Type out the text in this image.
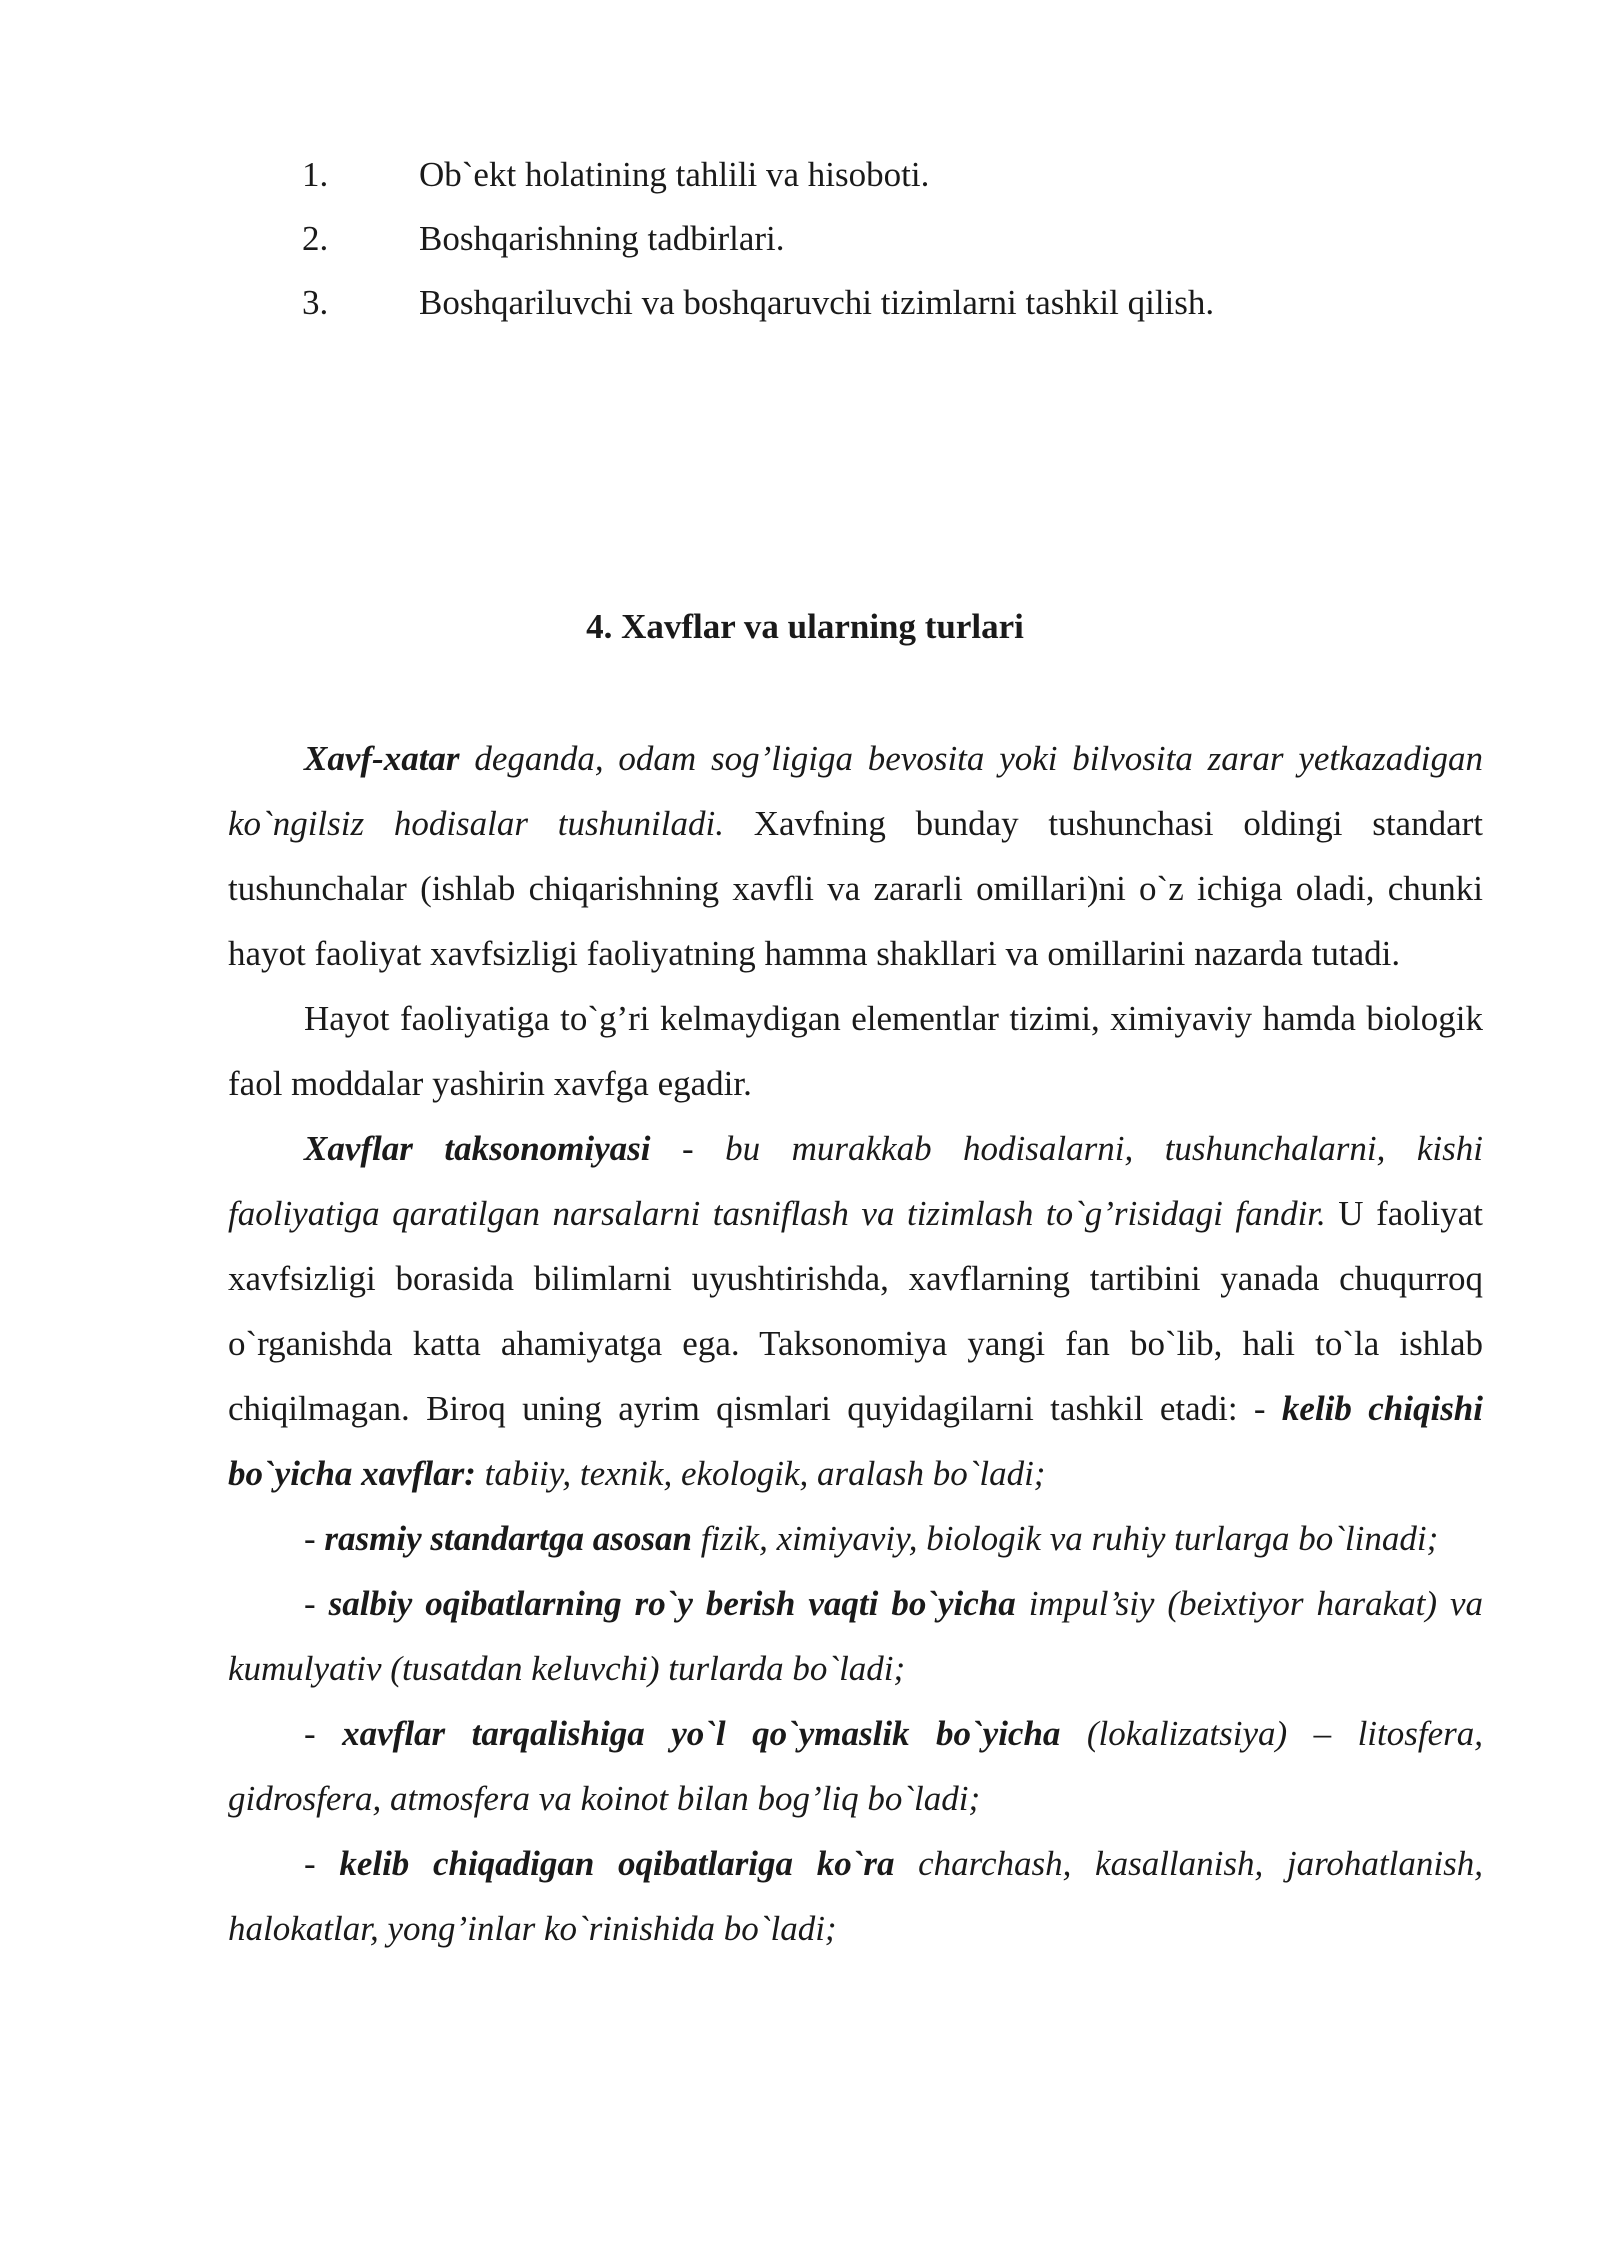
1.	Ob`ekt holatining tahlili va hisoboti.
2.	Boshqarishning tadbirlari.
3.	Boshqariluvchi va boshqaruvchi tizimlarni tashkil qilish.
4. Xavflar va ularning turlari

Xavf-xatar deganda, odam sog’ligiga bevosita yoki bilvosita zarar yetkazadigan ko`ngilsiz hodisalar tushuniladi. Xavfning bunday tushunchasi oldingi standart tushunchalar (ishlab chiqarishning xavfli va zararli omillari)ni o`z ichiga oladi, chunki hayot faoliyat xavfsizligi faoliyatning hamma shakllari va omillarini nazarda tutadi.

Hayot faoliyatiga to`g’ri kelmaydigan elementlar tizimi, ximiyaviy hamda biologik faol moddalar yashirin xavfga egadir.

Xavflar taksonomiyasi - bu murakkab hodisalarni, tushunchalarni, kishi faoliyatiga qaratilgan narsalarni tasniflash va tizimlash to`g’risidagi fandir. U faoliyat xavfsizligi borasida bilimlarni uyushtirishda, xavflarning tartibini yanada chuqurroq o`rganishda katta ahamiyatga ega. Taksonomiya yangi fan bo`lib, hali to`la ishlab chiqilmagan. Biroq uning ayrim qismlari quyidagilarni tashkil etadi: - kelib chiqishi bo`yicha xavflar: tabiiy, texnik, ekologik, aralash bo`ladi;

- rasmiy standartga asosan fizik, ximiyaviy, biologik va ruhiy turlarga bo`linadi;

- salbiy oqibatlarning ro`y berish vaqti bo`yicha impul’siy (beixtiyor harakat) va kumulyativ (tusatdan keluvchi) turlarda bo`ladi;

- xavflar tarqalishiga yo`l qo`ymaslik bo`yicha (lokalizatsiya) – litosfera, gidrosfera, atmosfera va koinot bilan bog’liq bo`ladi;

- kelib chiqadigan oqibatlariga ko`ra charchash, kasallanish, jarohatlanish, halokatlar, yong’inlar ko`rinishida bo`ladi;
